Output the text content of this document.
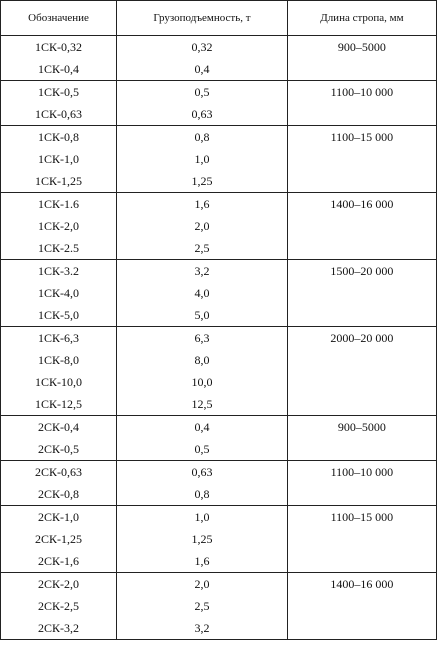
Обозначение	Грузоподъемность, т	Длина стропа, мм
1СК-0,32	0,32	900–5000
1СК-0,4	0,4	
1СК-0,5	0,5	1100–10 000
1СК-0,63	0,63	
1СК-0,8	0,8	1100–15 000
1СК-1,0	1,0	
1СК-1,25	1,25	
1СК-1.6	1,6	1400–16 000
1СК-2,0	2,0	
1СК-2.5	2,5	
1СК-3.2	3,2	1500–20 000
1СК-4,0	4,0	
1СК-5,0	5,0	
1СК-6,3	6,3	2000–20 000
1СК-8,0	8,0	
1СК-10,0	10,0	
1СК-12,5	12,5	
2СК-0,4	0,4	900–5000
2СК-0,5	0,5	
2СК-0,63	0,63	1100–10 000
2СК-0,8	0,8	
2СК-1,0	1,0	1100–15 000
2СК-1,25	1,25	
2СК-1,6	1,6	
2СК-2,0	2,0	1400–16 000
2СК-2,5	2,5	
2СК-3,2	3,2	
